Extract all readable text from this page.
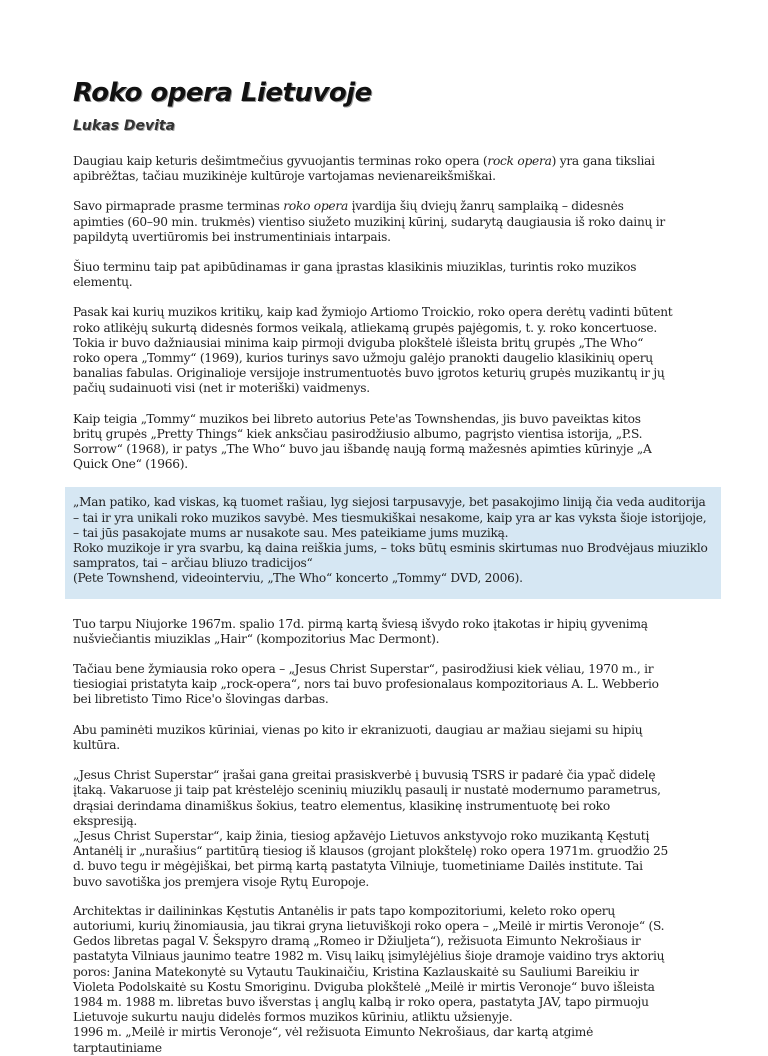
Roko opera Lietuvoje
Lukas Devita

Daugiau kaip keturis dešimtmečius gyvuojantis terminas roko opera (rock opera) yra gana tiksliai apibrėžtas, tačiau muzikinėje kultūroje vartojamas nevienareikšmiškai.

Savo pirmaprade prasme terminas roko opera įvardija šių dviejų žanrų samplaiką – didesnės apimties (60–90 min. trukmės) vientiso siužeto muzikinį kūrinį, sudarytą daugiausia iš roko dainų ir papildytą uvertiūromis bei instrumentiniais intarpais.

Šiuo terminu taip pat apibūdinamas ir gana įprastas klasikinis miuziklas, turintis roko muzikos elementų.

Pasak kai kurių muzikos kritikų, kaip kad žymiojo Artiomo Troickio, roko opera derėtų vadinti būtent roko atlikėjų sukurtą didesnės formos veikalą, atliekamą grupės pajėgomis, t. y. roko koncertuose. Tokia ir buvo dažniausiai minima kaip pirmoji dviguba plokštelė išleista britų grupės „The Who“ roko opera „Tommy“ (1969), kurios turinys savo užmoju galėjo pranokti daugelio klasikinių operų banalias fabulas. Originalioje versijoje instrumentuotės buvo įgrotos keturių grupės muzikantų ir jų pačių sudainuoti visi (net ir moteriški) vaidmenys.

Kaip teigia „Tommy“ muzikos bei libreto autorius Pete'as Townshendas, jis buvo paveiktas kitos britų grupės „Pretty Things“ kiek anksčiau pasirodžiusio albumo, pagrįsto vientisa istorija, „P.S. Sorrow“ (1968), ir patys „The Who“ buvo jau išbandę naują formą mažesnės apimties kūrinyje „A Quick One“ (1966).

„Man patiko, kad viskas, ką tuomet rašiau, lyg siejosi tarpusavyje, bet pasakojimo liniją čia veda auditorija – tai ir yra unikali roko muzikos savybė. Mes tiesmukiškai nesakome, kaip yra ar kas vyksta šioje istorijoje, – tai jūs pasakojate mums ar nusakote sau. Mes pateikiame jums muziką.

Roko muzikoje ir yra svarbu, ką daina reiškia jums, – toks būtų esminis skirtumas nuo Brodvėjaus miuziklo sampratos, tai – arčiau bliuzo tradicijos“

(Pete Townshend, videointerviu, „The Who“ koncerto „Tommy“ DVD, 2006).

Tuo tarpu Niujorke 1967m. spalio 17d. pirmą kartą šviesą išvydo roko įtakotas ir hipių gyvenimą nušviečiantis miuziklas „Hair“ (kompozitorius Mac Dermont).

Tačiau bene žymiausia roko opera – „Jesus Christ Superstar“, pasirodžiusi kiek vėliau, 1970 m., ir tiesiogiai pristatyta kaip „rock-opera“, nors tai buvo profesionalaus kompozitoriaus A. L. Webberio bei libretisto Timo Rice'o šlovingas darbas.

Abu paminėti muzikos kūriniai, vienas po kito ir ekranizuoti, daugiau ar mažiau siejami su hipių kultūra.

„Jesus Christ Superstar“ įrašai gana greitai prasiskverbė į buvusią TSRS ir padarė čia ypač didelę įtaką. Vakaruose ji taip pat krėstelėjo sceninių miuziklų pasaulį ir nustatė modernumo parametrus, drąsiai derindama dinamiškus šokius, teatro elementus, klasikinę instrumentuotę bei roko ekspresiją.
„Jesus Christ Superstar“, kaip žinia, tiesiog apžavėjo Lietuvos ankstyvojo roko muzikantą Kęstutį Antanėlį ir „nurašius“ partitūrą tiesiog iš klausos (grojant plokštelę) roko opera 1971m. gruodžio 25 d. buvo tegu ir mėgėjiškai, bet pirmą kartą pastatyta Vilniuje, tuometiniame Dailės institute. Tai buvo savotiška jos premjera visoje Rytų Europoje.

Architektas ir dailininkas Kęstutis Antanėlis ir pats tapo kompozitoriumi, keleto roko operų autoriumi, kurių žinomiausia, jau tikrai gryna lietuviškoji roko opera – „Meilė ir mirtis Veronoje“ (S. Gedos libretas pagal V. Šekspyro dramą „Romeo ir Džiuljeta“), režisuota Eimunto Nekrošiaus ir pastatyta Vilniaus jaunimo teatre 1982 m. Visų laikų įsimylėjėlius šioje dramoje vaidino trys aktorių poros: Janina Matekonytė su Vytautu Taukinaičiu, Kristina Kazlauskaitė su Sauliumi Bareikiu ir Violeta Podolskaitė su Kostu Smoriginu. Dviguba plokštelė „Meilė ir mirtis Veronoje“ buvo išleista 1984 m. 1988 m. libretas buvo išverstas į anglų kalbą ir roko opera, pastatyta JAV, tapo pirmuoju Lietuvoje sukurtu nauju didelės formos muzikos kūriniu, atliktu užsienyje.
1996 m. „Meilė ir mirtis Veronoje“, vėl režisuota Eimunto Nekrošiaus, dar kartą atgimė tarptautiniame
